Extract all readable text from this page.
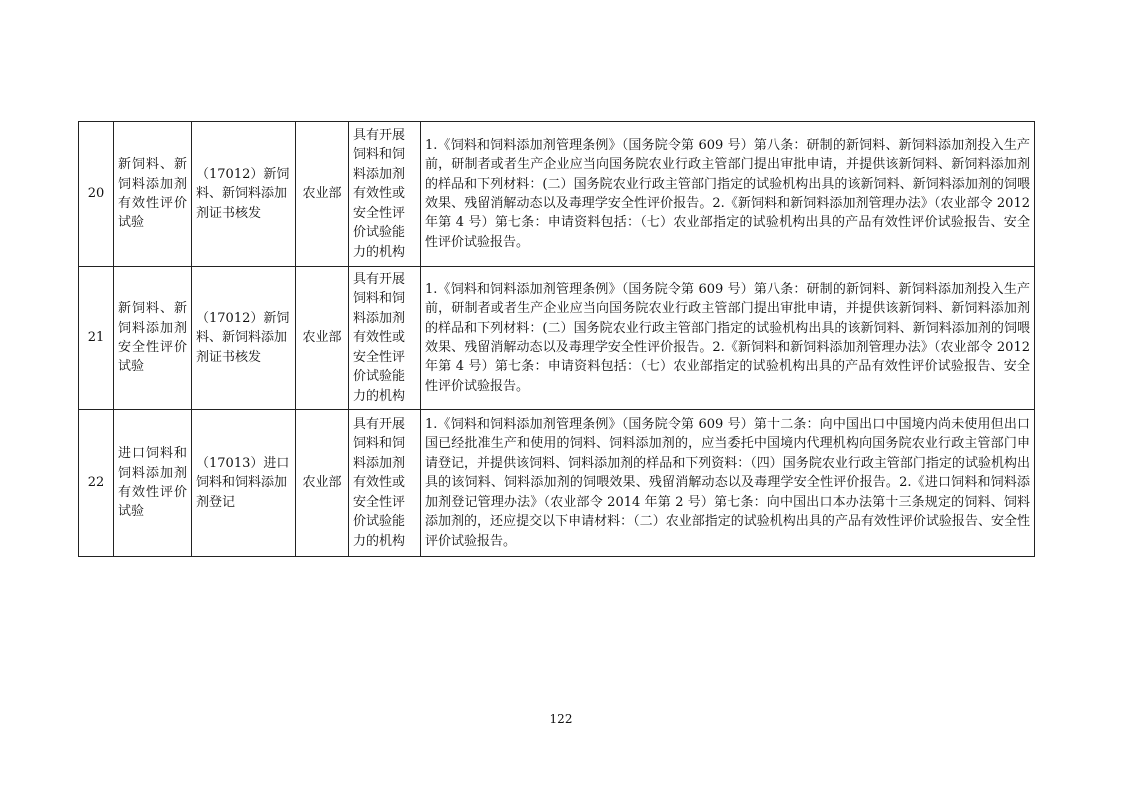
20	新饲料、新饲料添加剂有效性评价试验	（17012）新饲料、新饲料添加剂证书核发	农业部	具有开展饲料和饲料添加剂有效性或安全性评价试验能力的机构	1.《饲料和饲料添加剂管理条例》（国务院令第 609 号）第八条：研制的新饲料、新饲料添加剂投入生产前，研制者或者生产企业应当向国务院农业行政主管部门提出审批申请，并提供该新饲料、新饲料添加剂的样品和下列材料：(二）国务院农业行政主管部门指定的试验机构出具的该新饲料、新饲料添加剂的饲喂效果、残留消解动态以及毒理学安全性评价报告。2.《新饲料和新饲料添加剂管理办法》（农业部令 2012 年第 4 号）第七条：申请资料包括：（七）农业部指定的试验机构出具的产品有效性评价试验报告、安全性评价试验报告。
21	新饲料、新饲料添加剂安全性评价试验	（17012）新饲料、新饲料添加剂证书核发	农业部	具有开展饲料和饲料添加剂有效性或安全性评价试验能力的机构	1.《饲料和饲料添加剂管理条例》（国务院令第 609 号）第八条：研制的新饲料、新饲料添加剂投入生产前，研制者或者生产企业应当向国务院农业行政主管部门提出审批申请，并提供该新饲料、新饲料添加剂的样品和下列材料：(二）国务院农业行政主管部门指定的试验机构出具的该新饲料、新饲料添加剂的饲喂效果、残留消解动态以及毒理学安全性评价报告。2.《新饲料和新饲料添加剂管理办法》（农业部令 2012 年第 4 号）第七条：申请资料包括：（七）农业部指定的试验机构出具的产品有效性评价试验报告、安全性评价试验报告。
22	进口饲料和饲料添加剂有效性评价试验	（17013）进口饲料和饲料添加剂登记	农业部	具有开展饲料和饲料添加剂有效性或安全性评价试验能力的机构	1.《饲料和饲料添加剂管理条例》（国务院令第 609 号）第十二条：向中国出口中国境内尚未使用但出口国已经批准生产和使用的饲料、饲料添加剂的，应当委托中国境内代理机构向国务院农业行政主管部门申请登记，并提供该饲料、饲料添加剂的样品和下列资料：（四）国务院农业行政主管部门指定的试验机构出具的该饲料、饲料添加剂的饲喂效果、残留消解动态以及毒理学安全性评价报告。2.《进口饲料和饲料添加剂登记管理办法》（农业部令 2014 年第 2 号）第七条：向中国出口本办法第十三条规定的饲料、饲料添加剂的，还应提交以下申请材料：（二）农业部指定的试验机构出具的产品有效性评价试验报告、安全性评价试验报告。
122
